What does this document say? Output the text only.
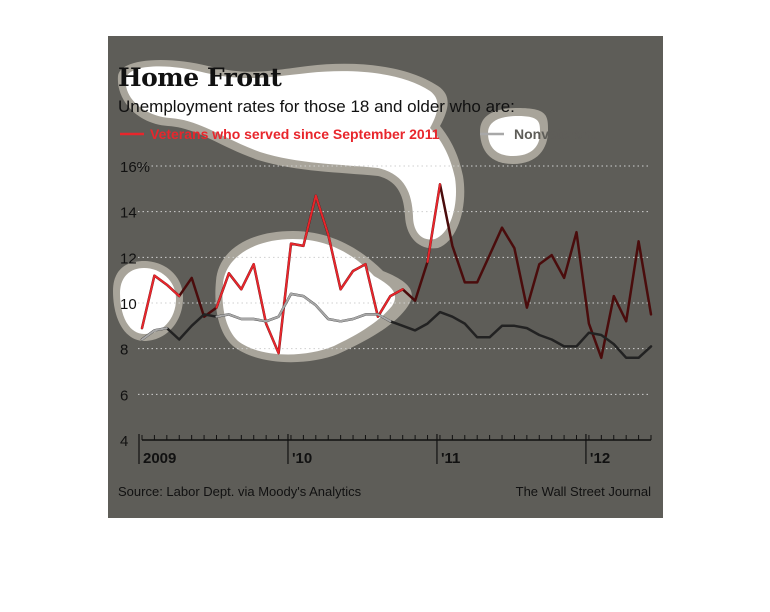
Home Front
Unemployment rates for those 18 and older who are:
Veterans who served since September 2011	Nonveterans
16%
14
12
10
8
6
4
2009	'10	'11	'12
Source: Labor Dept. via Moody's Analytics	The Wall Street Journal
